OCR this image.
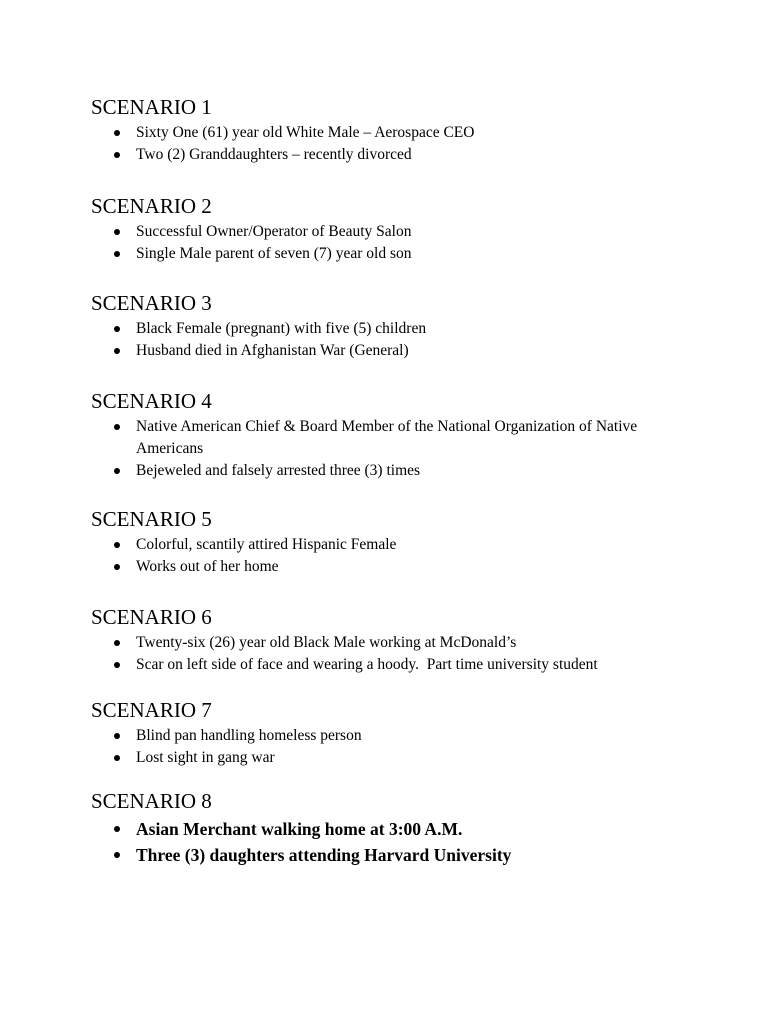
SCENARIO 1
Sixty One (61) year old White Male – Aerospace CEO
Two (2) Granddaughters – recently divorced
SCENARIO 2
Successful Owner/Operator of Beauty Salon
Single Male parent of seven (7) year old son
SCENARIO 3
Black Female (pregnant) with five (5) children
Husband died in Afghanistan War (General)
SCENARIO 4
Native American Chief & Board Member of the National Organization of Native Americans
Bejeweled and falsely arrested three (3) times
SCENARIO 5
Colorful, scantily attired Hispanic Female
Works out of her home
SCENARIO 6
Twenty-six (26) year old Black Male working at McDonald’s
Scar on left side of face and wearing a hoody.  Part time university student
SCENARIO 7
Blind pan handling homeless person
Lost sight in gang war
SCENARIO 8
Asian Merchant walking home at 3:00 A.M.
Three (3) daughters attending Harvard University
